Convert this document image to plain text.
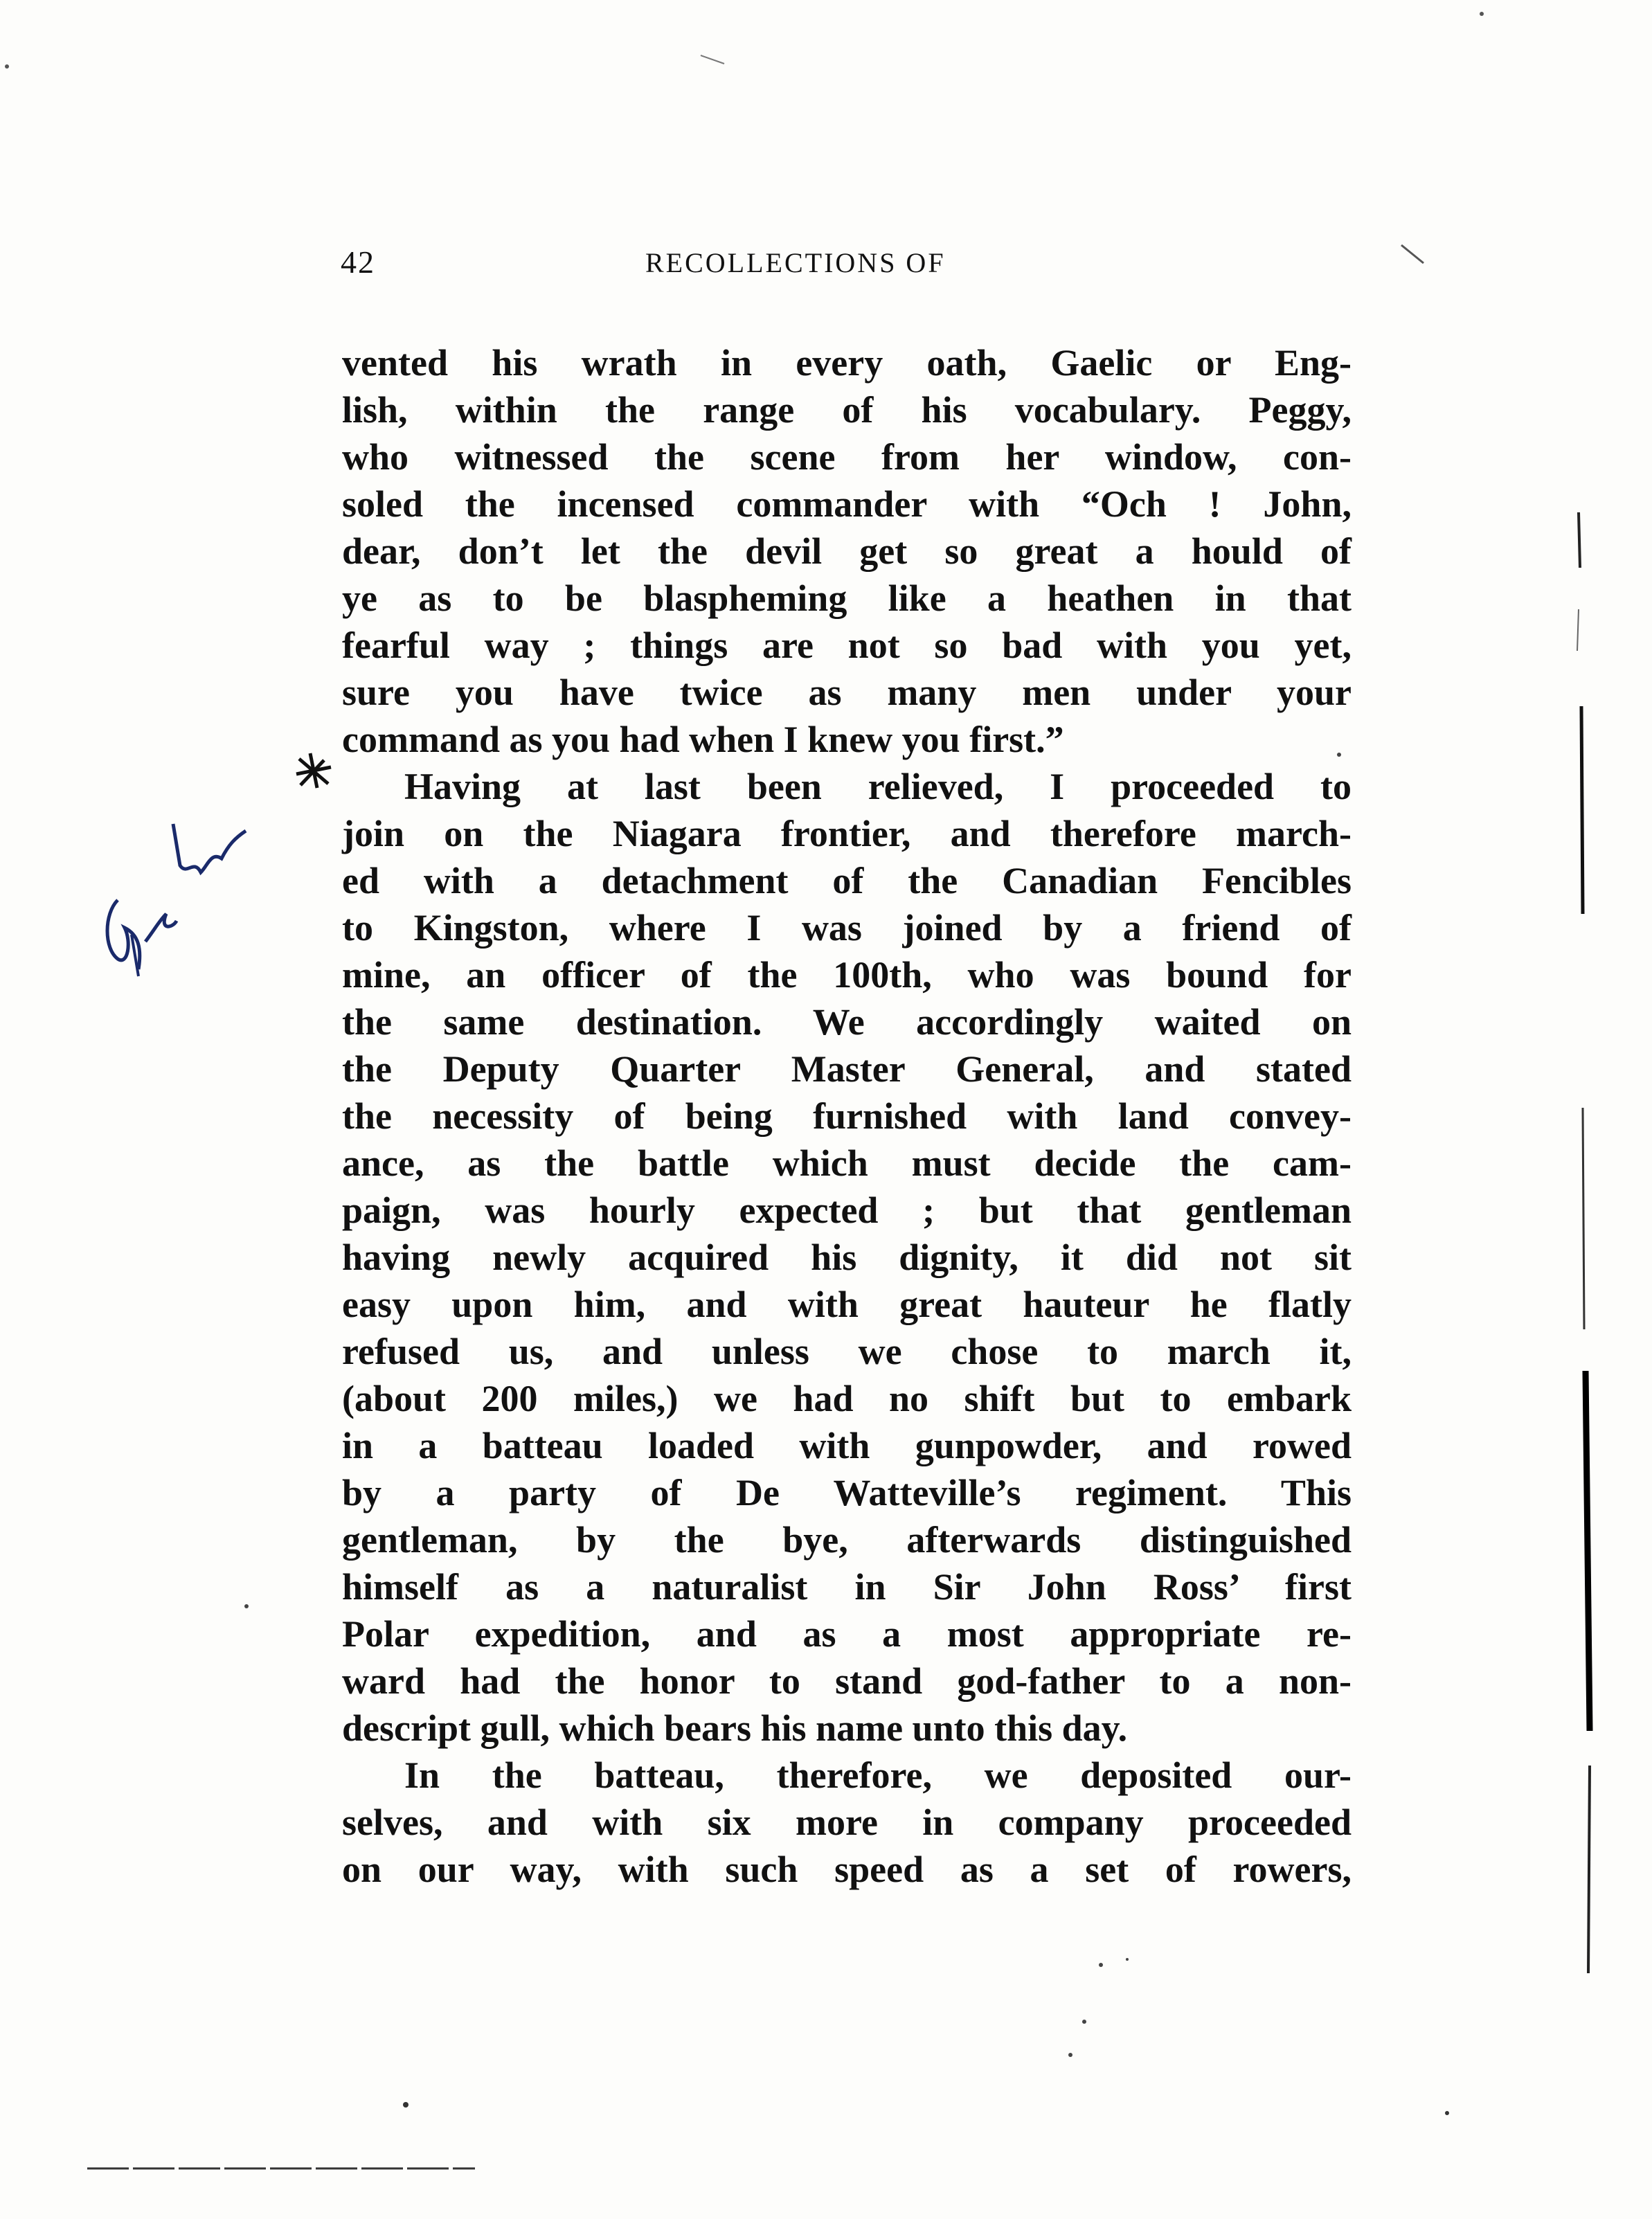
42	RECOLLECTIONS OF
vented his wrath in every oath, Gaelic or Eng-
lish, within the range of his vocabulary. Peggy,
who witnessed the scene from her window, con-
soled the incensed commander with “Och ! John,
dear, don’t let the devil get so great a hould of
ye as to be blaspheming like a heathen in that
fearful way ; things are not so bad with you yet,
sure you have twice as many men under your
command as you had when I knew you first.”
Having at last been relieved, I proceeded to
join on the Niagara frontier, and therefore march-
ed with a detachment of the Canadian Fencibles
to Kingston, where I was joined by a friend of
mine, an officer of the 100th, who was bound for
the same destination. We accordingly waited on
the Deputy Quarter Master General, and stated
the necessity of being furnished with land convey-
ance, as the battle which must decide the cam-
paign, was hourly expected ; but that gentleman
having newly acquired his dignity, it did not sit
easy upon him, and with great hauteur he flatly
refused us, and unless we chose to march it,
(about 200 miles,) we had no shift but to embark
in a batteau loaded with gunpowder, and rowed
by a party of De Watteville’s regiment. This
gentleman, by the bye, afterwards distinguished
himself as a naturalist in Sir John Ross’ first
Polar expedition, and as a most appropriate re-
ward had the honor to stand god-father to a non-
descript gull, which bears his name unto this day.
In the batteau, therefore, we deposited our-
selves, and with six more in company proceeded
on our way, with such speed as a set of rowers,
